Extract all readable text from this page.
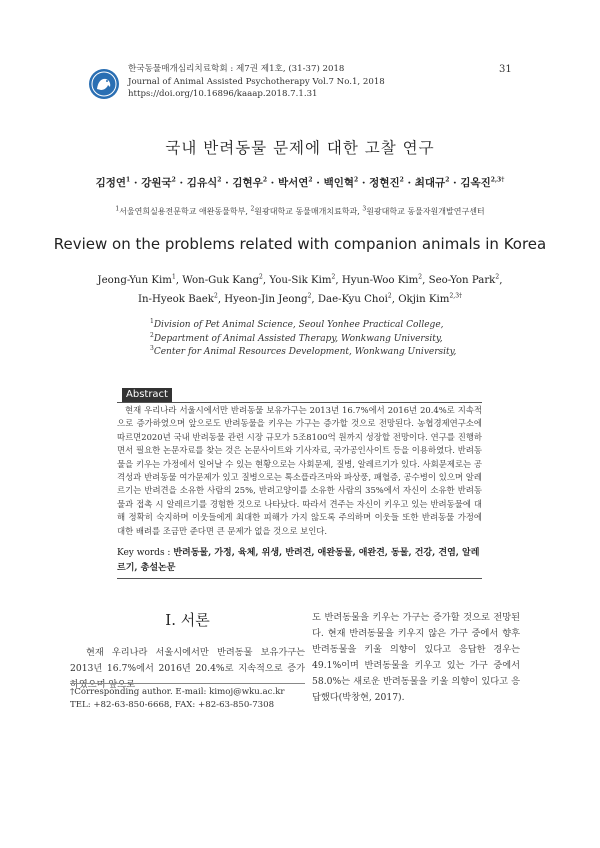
한국동물매개심리치료학회 : 제7권 제1호, (31-37) 2018
Journal of Animal Assisted Psychotherapy Vol.7 No.1, 2018
https://doi.org/10.16896/kaaap.2018.7.1.31
31
국내 반려동물 문제에 대한 고찰 연구
김정연$^1$ · 강원국$^2$ · 김유식$^2$ · 김현우$^2$ · 박서연$^2$ · 백인혁$^2$ · 정현진$^2$ · 최대규$^2$ · 김옥진$^{2,3\dagger}$
$^1$서울연희실용전문학교 애완동물학부, $^2$원광대학교 동물매개치료학과, $^3$원광대학교 동물자원개발연구센터
Review on the problems related with companion animals in Korea
Jeong-Yun Kim$^1$, Won-Guk Kang$^2$, You-Sik Kim$^2$, Hyun-Woo Kim$^2$, Seo-Yon Park$^2$,
In-Hyeok Baek$^2$, Hyeon-Jin Jeong$^2$, Dae-Kyu Choi$^2$, Okjin Kim$^{2,3\dagger}$
$^1$Division of Pet Animal Science, Seoul Yonhee Practical College,
$^2$Department of Animal Assisted Therapy, Wonkwang University,
$^3$Center for Animal Resources Development, Wonkwang University,
Abstract
현재 우리나라 서울시에서만 반려동물 보유가구는 2013년 16.7%에서 2016년 20.4%로 지속적으로 증가하였으며 앞으로도 반려동물을 키우는 가구는 증가할 것으로 전망된다. 농협경제연구소에 따르면2020년 국내 반려동물 관련 시장 규모가 5조8100억 원까지 성장할 전망이다. 연구를 진행하면서 필요한 논문자료를 찾는 것은 논문사이트와 기사자료, 국가공인사이트 등을 이용하였다. 반려동물을 키우는 가정에서 일어날 수 있는 현황으로는 사회문제, 질병, 알레르기가 있다. 사회문제로는 공격성과 반려동물 여가문제가 있고 질병으로는 톡소플라즈마와 파상풍, 패혈증, 공수병이 있으며 알레르기는 반려견을 소유한 사람의 25%, 반려고양이를 소유한 사람의 35%에서 자신이 소유한 반려동물과 접촉 시 알레르기를 경험한 것으로 나타났다. 따라서 견주는 자신이 키우고 있는 반려동물에 대해 정확히 숙지하며 이웃들에게 최대한 피해가 가지 않도록 주의하며 이웃들 또한 반려동물 가정에 대한 배려를 조금만 준다면 큰 문제가 없을 것으로 보인다.
Key words : 반려동물, 가정, 육체, 위생, 반려견, 애완동물, 애완견, 동물, 건강, 견염, 알레르기, 총설논문
Ⅰ. 서론
현재 우리나라 서울시에서만 반려동물 보유가구는 2013년 16.7%에서 2016년 20.4%로 지속적으로 증가하였으며 앞으로
†Corresponding author. E-mail: kimoj@wku.ac.kr
TEL: +82-63-850-6668, FAX: +82-63-850-7308
도 반려동물을 키우는 가구는 증가할 것으로 전망된다. 현재 반려동물을 키우지 않은 가구 중에서 향후 반려동물을 키울 의향이 있다고 응답한 경우는 49.1%이며 반려동물을 키우고 있는 가구 중에서 58.0%는 새로운 반려동물을 키울 의향이 있다고 응답했다(박창현, 2017).
